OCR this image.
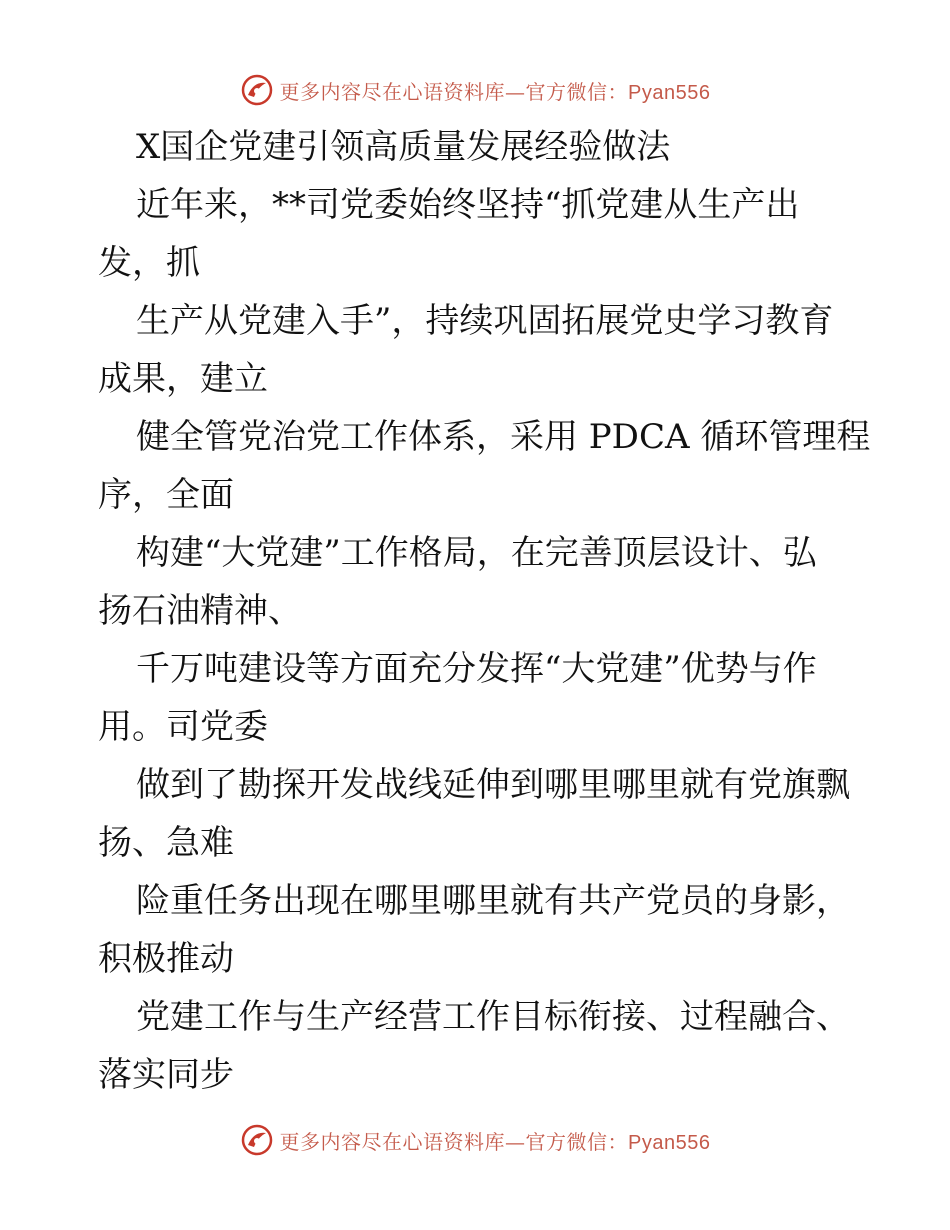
更多内容尽在心语资料库—官方微信：Pyan556
X国企党建引领高质量发展经验做法
近年来，**司党委始终坚持“抓党建从生产出
发，抓
生产从党建入手”，持续巩固拓展党史学习教育
成果，建立
健全管党治党工作体系，采用 PDCA 循环管理程
序，全面
构建“大党建”工作格局，在完善顶层设计、弘
扬石油精神、
千万吨建设等方面充分发挥“大党建”优势与作
用。司党委
做到了勘探开发战线延伸到哪里哪里就有党旗飘
扬、急难
险重任务出现在哪里哪里就有共产党员的身影，
积极推动
党建工作与生产经营工作目标衔接、过程融合、
落实同步
更多内容尽在心语资料库—官方微信：Pyan556
